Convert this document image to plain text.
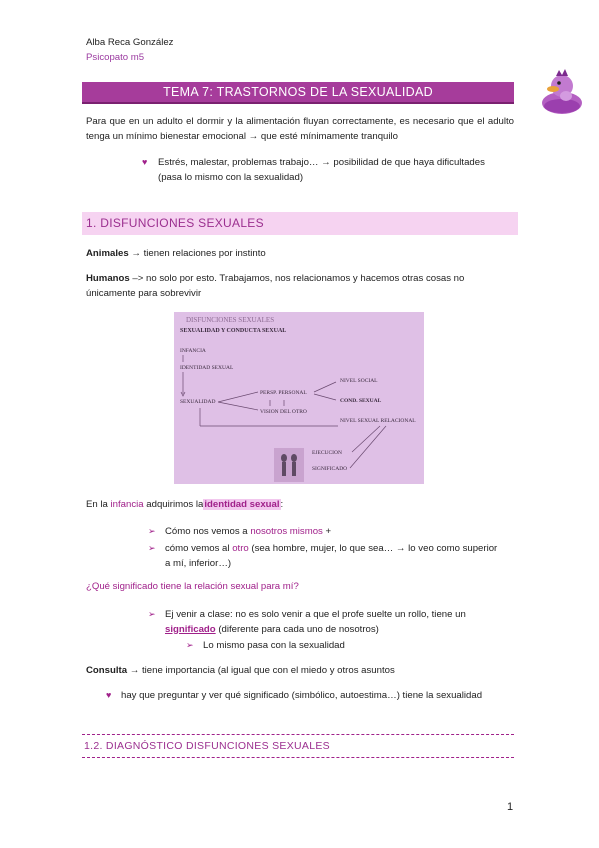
Alba Reca González
Psicopato m5
TEMA 7: TRASTORNOS DE LA SEXUALIDAD
Para que en un adulto el dormir y la alimentación fluyan correctamente, es necesario que el adulto tenga un mínimo bienestar emocional → que esté mínimamente tranquilo
♥ Estrés, malestar, problemas trabajo… → posibilidad de que haya dificultades
(pasa lo mismo con la sexualidad)
1. DISFUNCIONES SEXUALES
Animales → tienen relaciones por instinto
Humanos –> no solo por esto. Trabajamos, nos relacionamos y hacemos otras cosas no
únicamente para sobrevivir
DISFUNCIONES SEXUALES
SEXUALIDAD Y CONDUCTA SEXUAL
INFANCIA
IDENTIDAD SEXUAL
SEXUALIDAD
PERSP. PERSONAL
VISION DEL OTRO
NIVEL SOCIAL
COND. SEXUAL
NIVEL SEXUAL RELACIONAL
EJECUCION
SIGNIFICADO
En la infancia adquirimos laidentidad sexual:
➢ Cómo nos vemos a nosotros mismos +
➢ cómo vemos al otro (sea hombre, mujer, lo que sea… → lo veo como superior
a mí, inferior…)
¿Qué significado tiene la relación sexual para mí?
➢ Ej venir a clase: no es solo venir a que el profe suelte un rollo, tiene un
significado (diferente para cada uno de nosotros)
➢ Lo mismo pasa con la sexualidad
Consulta → tiene importancia (al igual que con el miedo y otros asuntos
♥ hay que preguntar y ver qué significado (simbólico, autoestima…) tiene la sexualidad
1.2. DIAGNÓSTICO DISFUNCIONES SEXUALES
1
